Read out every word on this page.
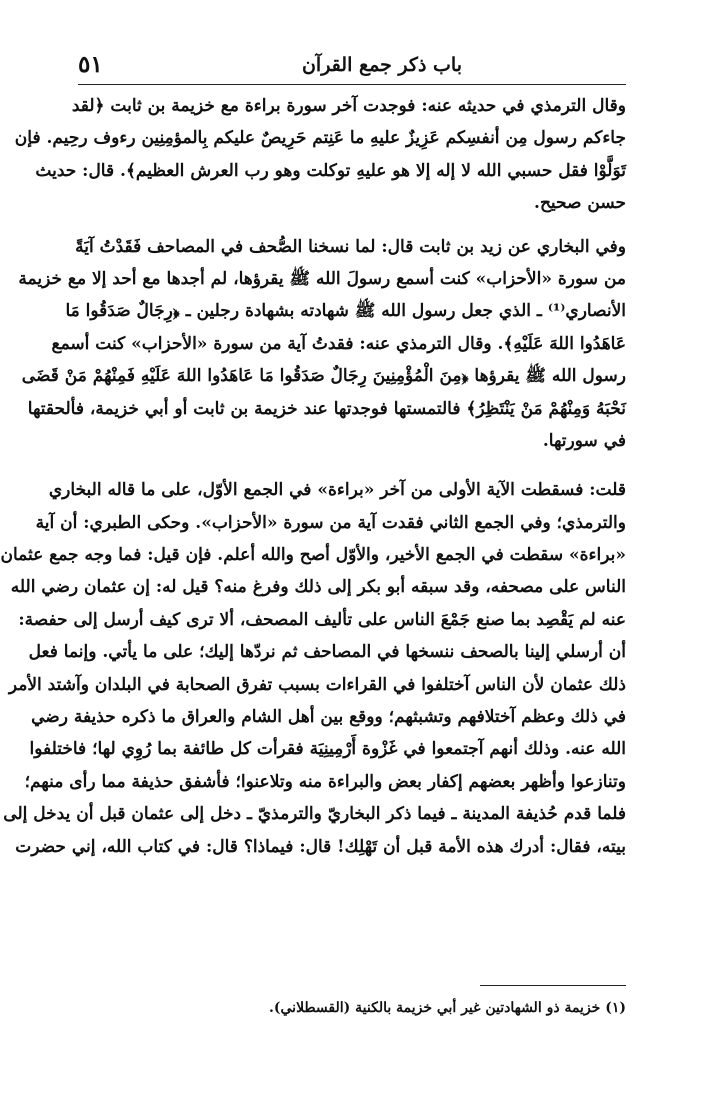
٥١	باب ذكر جمع القرآن
وقال الترمذي في حديثه عنه: فوجدت آخر سورة براءة مع خزيمة بن ثابت ﴿لقد
جاءكم رسول مِن أنفسِكم عَزِيزٌ عليهِ ما عَنِتم حَرِيصٌ عليكم بِالمؤمِنِين رءوف رحِيم. فإن
تَوَلَّوْا فقل حسبي الله لا إله إلا هو عليهِ توكلت وهو رب العرش العظيم﴾. قال: حديث
حسن صحيح.
وفي البخاري عن زيد بن ثابت قال: لما نسخنا الصُّحف في المصاحف فَقَدْتُ آيَةً
من سورة «الأحزاب» كنت أسمع رسولَ الله ﷺ يقرؤها، لم أجدها مع أحد إلا مع خزيمة
الأنصاري⁽¹⁾ ـ الذي جعل رسول الله ﷺ شهادته بشهادة رجلين ـ ﴿رِجَالٌ صَدَقُوا مَا
عَاهَدُوا اللهَ عَلَيْهِ﴾. وقال الترمذي عنه: فقدتُ آية من سورة «الأحزاب» كنت أسمع
رسول الله ﷺ يقرؤها ﴿مِنَ الْمُؤْمِنِينَ رِجَالٌ صَدَقُوا مَا عَاهَدُوا اللهَ عَلَيْهِ فَمِنْهُمْ مَنْ قَضَى
نَحْبَهُ وَمِنْهُمْ مَنْ يَنْتَظِرُ﴾ فالتمستها فوجدتها عند خزيمة بن ثابت أو أبي خزيمة، فألحقتها
في سورتها.
قلت: فسقطت الآية الأولى من آخر «براءة» في الجمع الأوّل، على ما قاله البخاري
والترمذي؛ وفي الجمع الثاني فقدت آية من سورة «الأحزاب». وحكى الطبري: أن آية
«براءة» سقطت في الجمع الأخير، والأوّل أصح والله أعلم. فإن قيل: فما وجه جمع عثمان
الناس على مصحفه، وقد سبقه أبو بكر إلى ذلك وفرغ منه؟ قيل له: إن عثمان رضي الله
عنه لم يَقْصِد بما صنع جَمْعَ الناس على تأليف المصحف، ألا ترى كيف أرسل إلى حفصة:
أن أرسلي إلينا بالصحف ننسخها في المصاحف ثم نردّها إليك؛ على ما يأتي. وإنما فعل
ذلك عثمان لأن الناس آختلفوا في القراءات بسبب تفرق الصحابة في البلدان وآشتد الأمر
في ذلك وعظم آختلافهم وتشبثهم؛ ووقع بين أهل الشام والعراق ما ذكره حذيفة رضي
الله عنه. وذلك أنهم آجتمعوا في غَزْوة أَرْمِينِيَة فقرأت كل طائفة بما رُوِي لها؛ فاختلفوا
وتنازعوا وأظهر بعضهم إكفار بعض والبراءة منه وتلاعنوا؛ فأشفق حذيفة مما رأى منهم؛
فلما قدم حُذيفة المدينة ـ فيما ذكر البخاريّ والترمذيّ ـ دخل إلى عثمان قبل أن يدخل إلى
بيته، فقال: أدرك هذه الأمة قبل أن تَهْلِك! قال: فيماذا؟ قال: في كتاب الله، إني حضرت
(١) خزيمة ذو الشهادتين غير أبي خزيمة بالكنية (القسطلاني).
